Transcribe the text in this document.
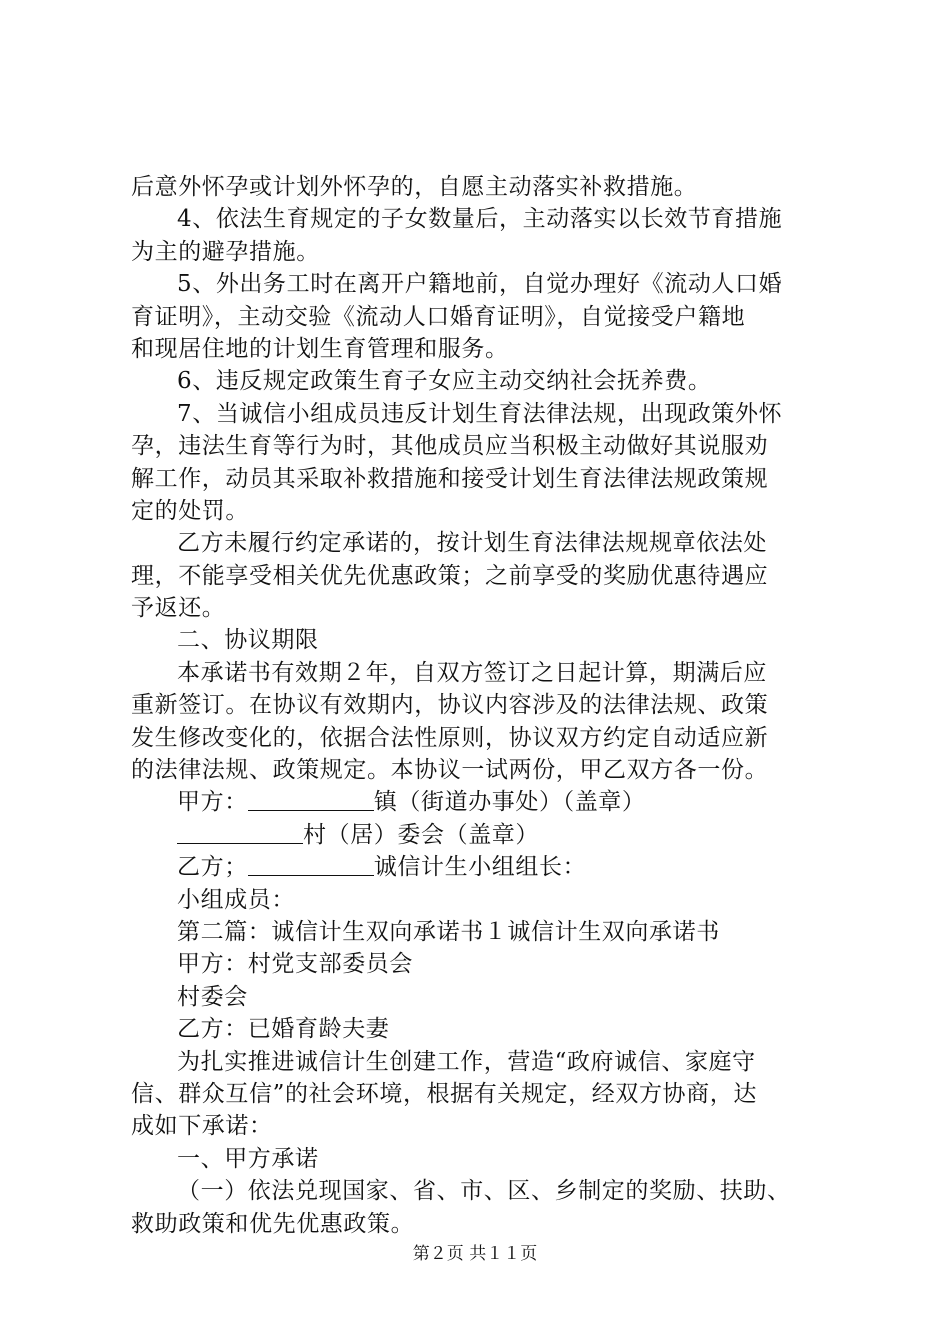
后意外怀孕或计划外怀孕的，自愿主动落实补救措施。
4、依法生育规定的子女数量后，主动落实以长效节育措施
为主的避孕措施。
5、外出务工时在离开户籍地前，自觉办理好《流动人口婚
育证明》，主动交验《流动人口婚育证明》，自觉接受户籍地
和现居住地的计划生育管理和服务。
6、违反规定政策生育子女应主动交纳社会抚养费。
7、当诚信小组成员违反计划生育法律法规，出现政策外怀
孕，违法生育等行为时，其他成员应当积极主动做好其说服劝
解工作，动员其采取补救措施和接受计划生育法律法规政策规
定的处罚。
乙方未履行约定承诺的，按计划生育法律法规规章依法处
理，不能享受相关优先优惠政策；之前享受的奖励优惠待遇应
予返还。
二、协议期限
本承诺书有效期２年，自双方签订之日起计算，期满后应
重新签订。在协议有效期内，协议内容涉及的法律法规、政策
发生修改变化的，依据合法性原则，协议双方约定自动适应新
的法律法规、政策规定。本协议一试两份，甲乙双方各一份。
甲方：	镇（街道办事处）（盖章）
村（居）委会（盖章）
乙方；	诚信计生小组组长：
小组成员：
第二篇：诚信计生双向承诺书１诚信计生双向承诺书
甲方：村党支部委员会
村委会
乙方：已婚育龄夫妻
为扎实推进诚信计生创建工作，营造“政府诚信、家庭守
信、群众互信”的社会环境，根据有关规定，经双方协商，达
成如下承诺：
一、甲方承诺
（一）依法兑现国家、省、市、区、乡制定的奖励、扶助、
救助政策和优先优惠政策。
第２页 共１１页
